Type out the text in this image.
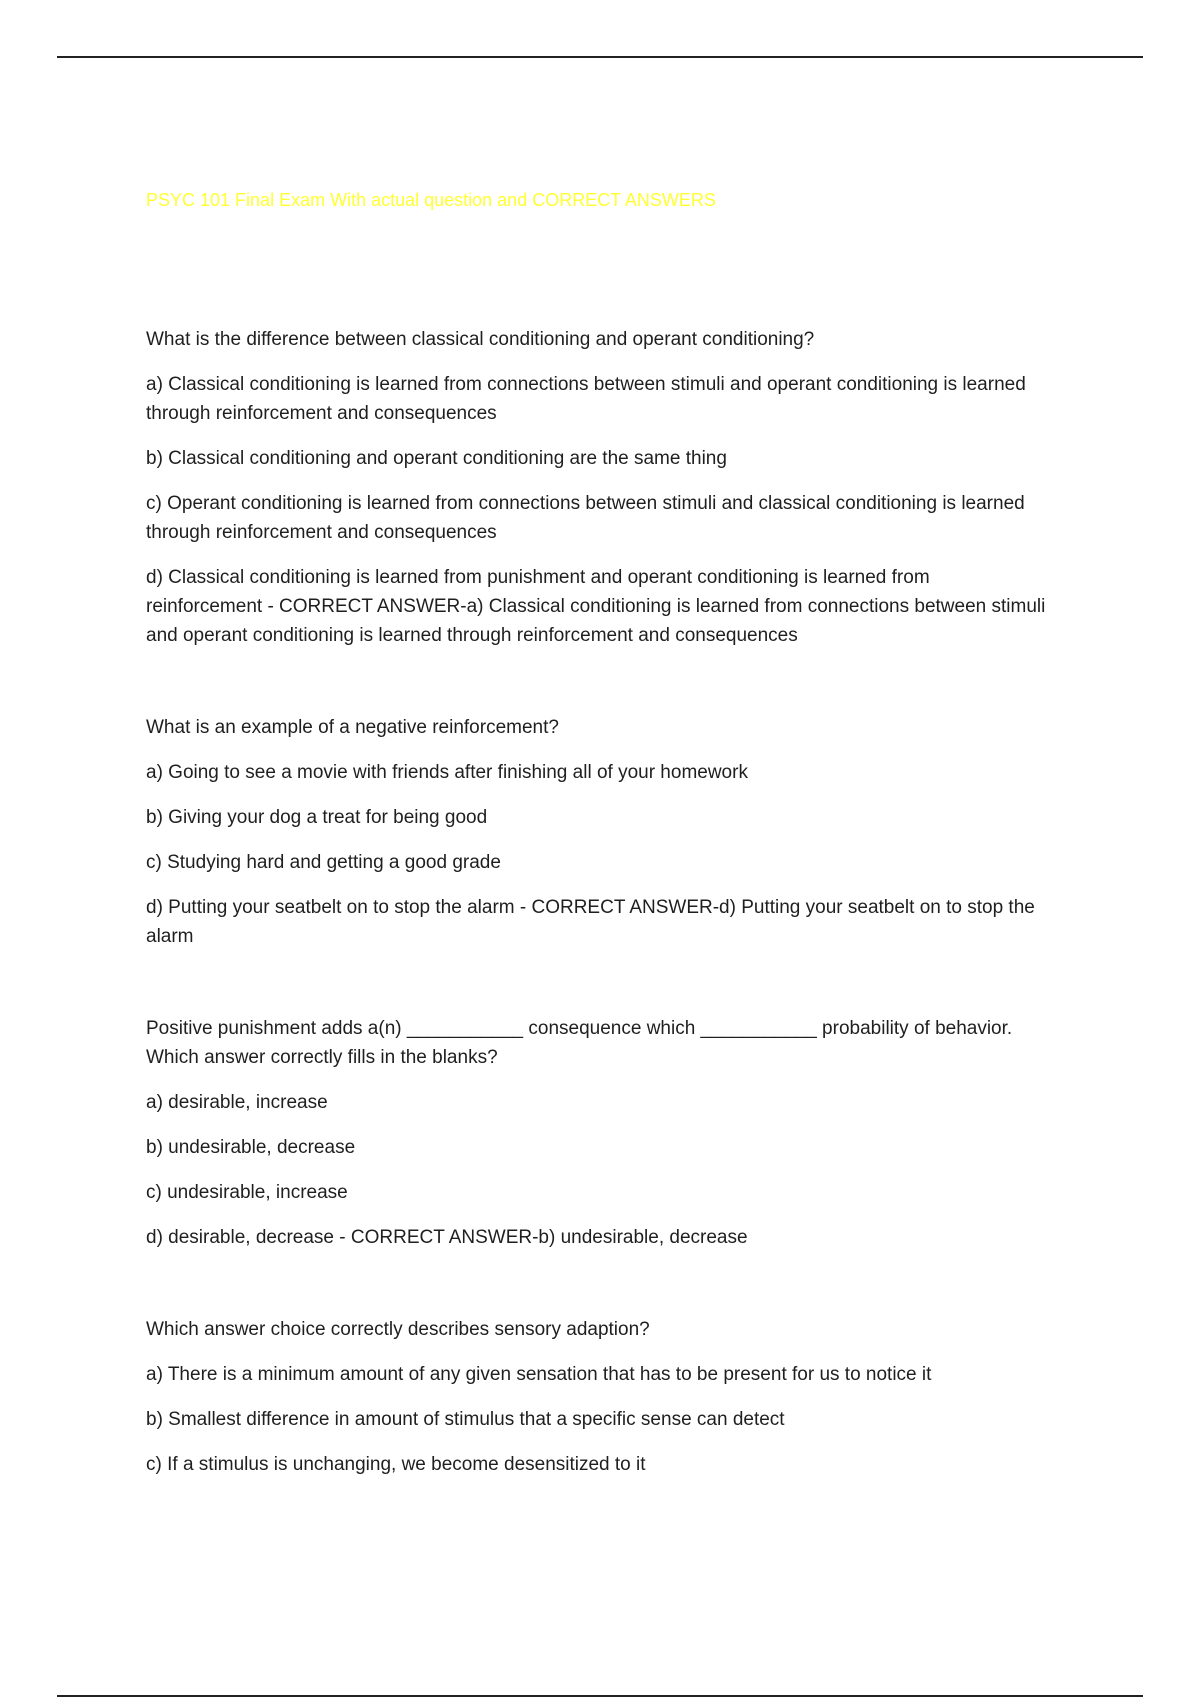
PSYC 101 Final Exam With actual question and CORRECT ANSWERS

What is the difference between classical conditioning and operant conditioning?

a) Classical conditioning is learned from connections between stimuli and operant conditioning is learned through reinforcement and consequences

b) Classical conditioning and operant conditioning are the same thing

c) Operant conditioning is learned from connections between stimuli and classical conditioning is learned through reinforcement and consequences

d) Classical conditioning is learned from punishment and operant conditioning is learned from reinforcement - CORRECT ANSWER-a) Classical conditioning is learned from connections between stimuli and operant conditioning is learned through reinforcement and consequences

What is an example of a negative reinforcement?

a) Going to see a movie with friends after finishing all of your homework

b) Giving your dog a treat for being good

c) Studying hard and getting a good grade

d) Putting your seatbelt on to stop the alarm - CORRECT ANSWER-d) Putting your seatbelt on to stop the alarm

Positive punishment adds a(n) ___________ consequence which ___________ probability of behavior. Which answer correctly fills in the blanks?

a) desirable, increase

b) undesirable, decrease

c) undesirable, increase

d) desirable, decrease - CORRECT ANSWER-b) undesirable, decrease

Which answer choice correctly describes sensory adaption?

a) There is a minimum amount of any given sensation that has to be present for us to notice it

b) Smallest difference in amount of stimulus that a specific sense can detect

c) If a stimulus is unchanging, we become desensitized to it
